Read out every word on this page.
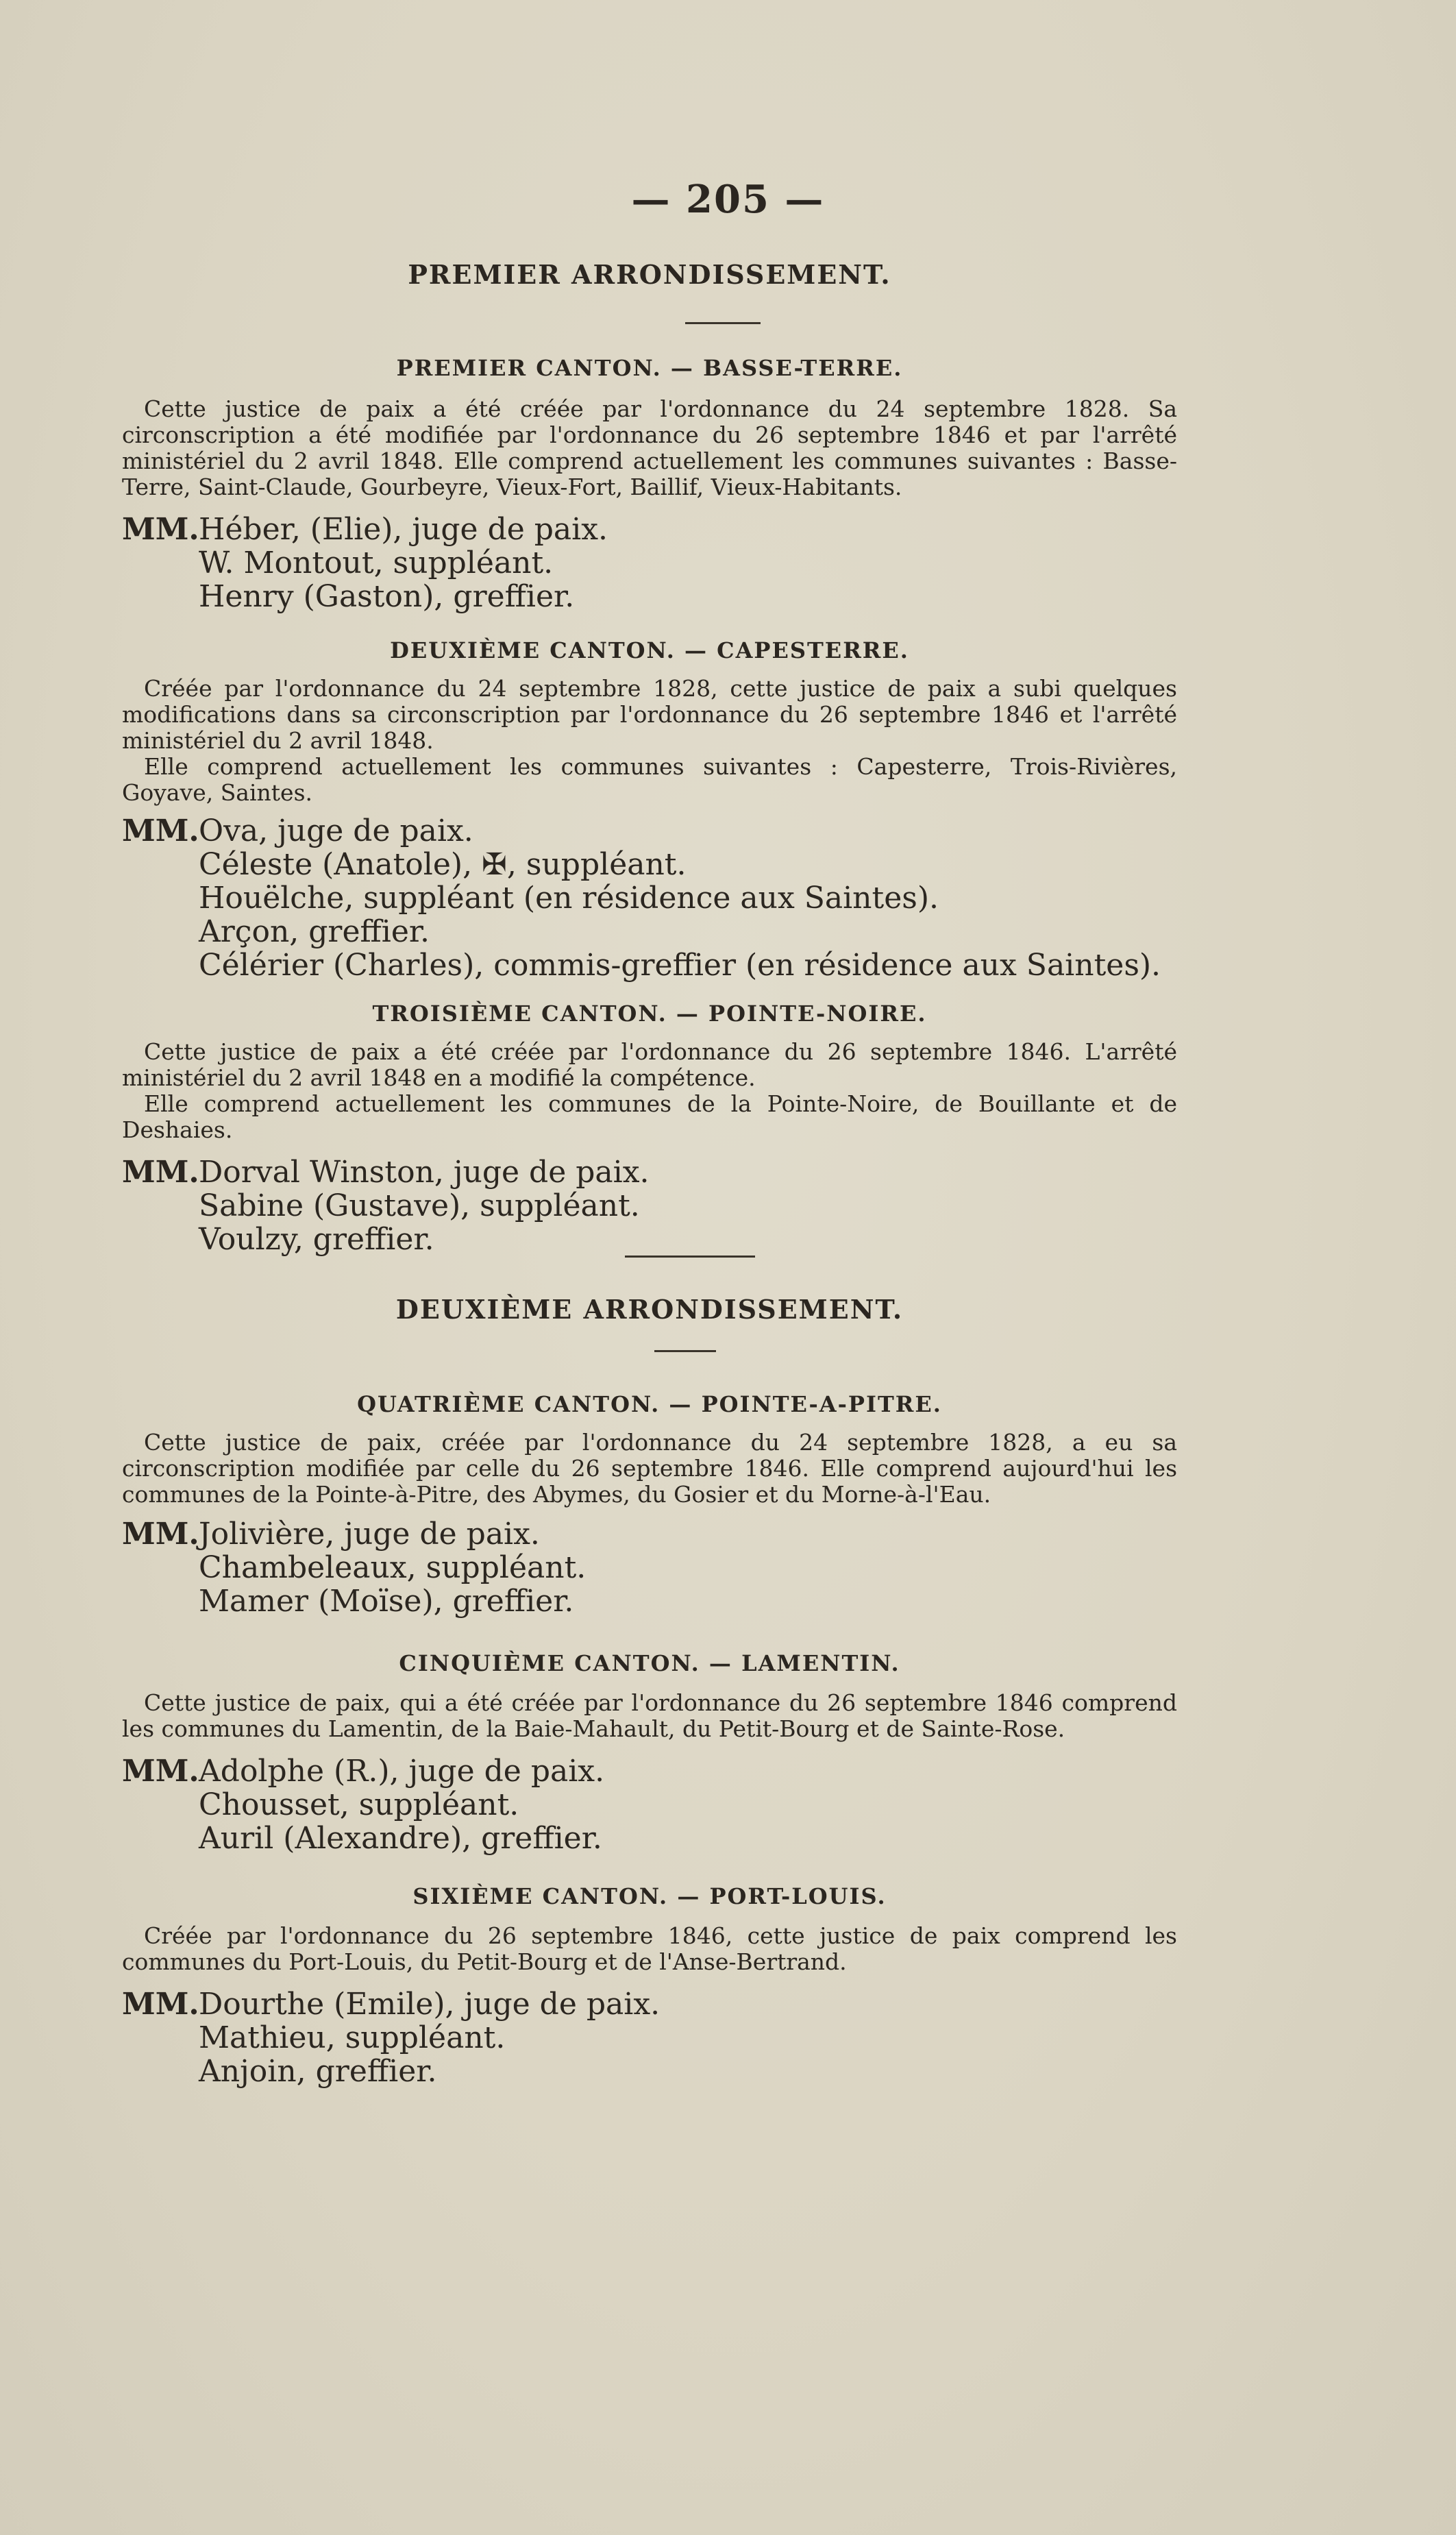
— 205 —
PREMIER ARRONDISSEMENT.
PREMIER CANTON. — BASSE-TERRE.

Cette justice de paix a été créée par l'ordonnance du 24 septembre 1828. Sa circonscription a été modifiée par l'ordonnance du 26 septembre 1846 et par l'arrêté ministériel du 2 avril 1848. Elle comprend actuellement les communes suivantes : Basse-Terre, Saint-Claude, Gourbeyre, Vieux-Fort, Baillif, Vieux-Habitants.

MM. Héber, (Elie), juge de paix.
W. Montout, suppléant.
Henry (Gaston), greffier.
DEUXIÈME CANTON. — CAPESTERRE.

Créée par l'ordonnance du 24 septembre 1828, cette justice de paix a subi quelques modifications dans sa circonscription par l'ordonnance du 26 septembre 1846 et l'arrêté ministériel du 2 avril 1848.

Elle comprend actuellement les communes suivantes : Capesterre, Trois-Rivières, Goyave, Saintes.

MM. Ova, juge de paix.
Céleste (Anatole), ✠, suppléant.
Houëlche, suppléant (en résidence aux Saintes).
Arçon, greffier.
Célérier (Charles), commis-greffier (en résidence aux Saintes).
TROISIÈME CANTON. — POINTE-NOIRE.

Cette justice de paix a été créée par l'ordonnance du 26 septembre 1846. L'arrêté ministériel du 2 avril 1848 en a modifié la compétence.

Elle comprend actuellement les communes de la Pointe-Noire, de Bouillante et de Deshaies.

MM. Dorval Winston, juge de paix.
Sabine (Gustave), suppléant.
Voulzy, greffier.
DEUXIÈME ARRONDISSEMENT.
QUATRIÈME CANTON. — POINTE-A-PITRE.

Cette justice de paix, créée par l'ordonnance du 24 septembre 1828, a eu sa circonscription modifiée par celle du 26 septembre 1846. Elle comprend aujourd'hui les communes de la Pointe-à-Pitre, des Abymes, du Gosier et du Morne-à-l'Eau.

MM. Jolivière, juge de paix.
Chambeleaux, suppléant.
Mamer (Moïse), greffier.
CINQUIÈME CANTON. — LAMENTIN.

Cette justice de paix, qui a été créée par l'ordonnance du 26 septembre 1846 comprend les communes du Lamentin, de la Baie-Mahault, du Petit-Bourg et de Sainte-Rose.

MM. Adolphe (R.), juge de paix.
Chousset, suppléant.
Auril (Alexandre), greffier.
SIXIÈME CANTON. — PORT-LOUIS.

Créée par l'ordonnance du 26 septembre 1846, cette justice de paix comprend les communes du Port-Louis, du Petit-Bourg et de l'Anse-Bertrand.

MM. Dourthe (Emile), juge de paix.
Mathieu, suppléant.
Anjoin, greffier.
